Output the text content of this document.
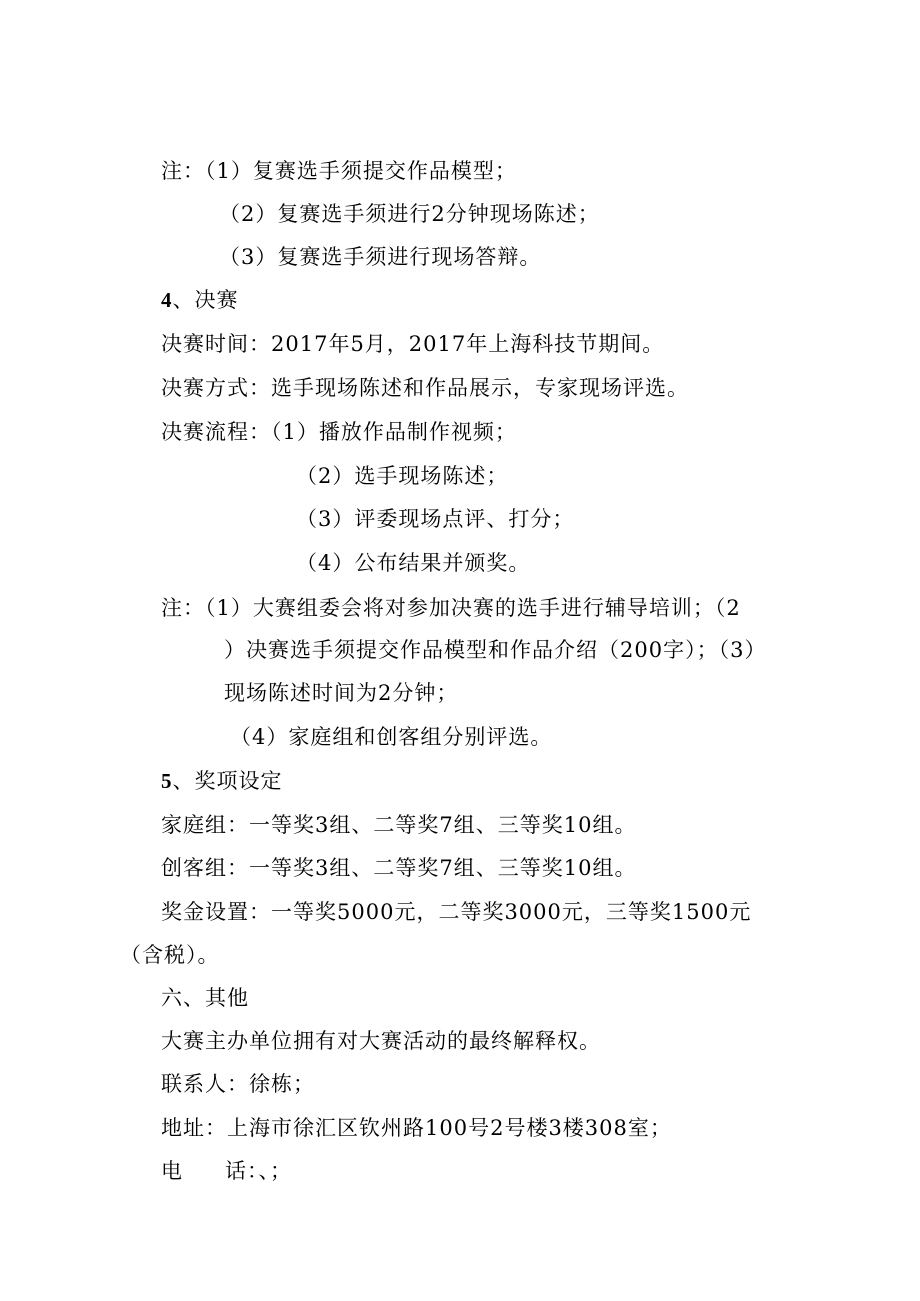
注：（1）复赛选手须提交作品模型；
（2）复赛选手须进行2分钟现场陈述；
（3）复赛选手须进行现场答辩。
4、决赛
决赛时间：2017年5月，2017年上海科技节期间。
决赛方式：选手现场陈述和作品展示，专家现场评选。
决赛流程：（1）播放作品制作视频；
（2）选手现场陈述；
（3）评委现场点评、打分；
（4）公布结果并颁奖。
注：（1）大赛组委会将对参加决赛的选手进行辅导培训；（2
）决赛选手须提交作品模型和作品介绍（200字）；（3）
现场陈述时间为2分钟；
（4）家庭组和创客组分别评选。
5、奖项设定
家庭组：一等奖3组、二等奖7组、三等奖10组。
创客组：一等奖3组、二等奖7组、三等奖10组。
奖金设置：一等奖5000元，二等奖3000元，三等奖1500元
（含税）。
六、其他
大赛主办单位拥有对大赛活动的最终解释权。
联系人：徐栋；
地址：上海市徐汇区钦州路100号2号楼3楼308室；
电 话：、；
